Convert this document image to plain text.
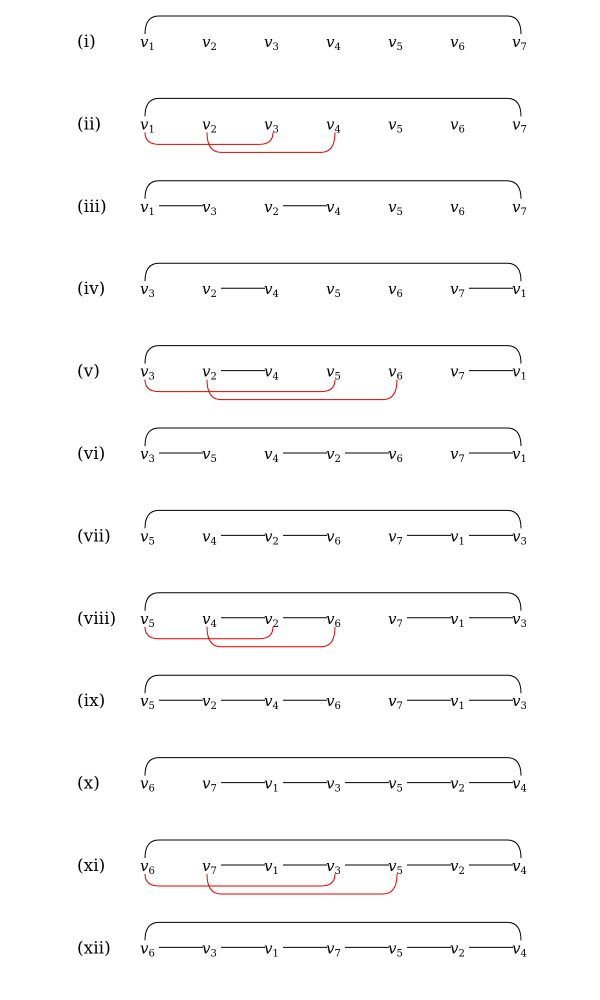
(i)	$v_1$	$v_2$	$v_3$	$v_4$	$v_5$	$v_6$	$v_7$
(ii)	$v_1$	$v_2$	$v_3$	$v_4$	$v_5$	$v_6$	$v_7$
(iii) $v_1$	$v_3$	$v_2$	$v_4$	$v_5$	$v_6$	$v_7$
(iv) $v_3$	$v_2$	$v_4$	$v_5$	$v_6$	$v_7$	$v_1$
(v)	$v_3$	$v_2$	$v_4$	$v_5$	$v_6$	$v_7$	$v_1$
(vi) $v_3$	$v_5$	$v_4$	$v_2$	$v_6$	$v_7$	$v_1$
(vii) $v_5$	$v_4$	$v_2$	$v_6$	$v_7$	$v_1$	$v_3$
(viii) $v_5$	$v_4$	$v_2$	$v_6$	$v_7$	$v_1$	$v_3$
(ix) $v_5$	$v_2$	$v_4$	$v_6$	$v_7$	$v_1$	$v_3$
(x)	$v_6$	$v_7$	$v_1$	$v_3$	$v_5$	$v_2$	$v_4$
(xi) $v_6$	$v_7$	$v_1$	$v_3$	$v_5$	$v_2$	$v_4$
(xii) $v_6$	$v_3$	$v_1$	$v_7$	$v_5$	$v_2$	$v_4$
